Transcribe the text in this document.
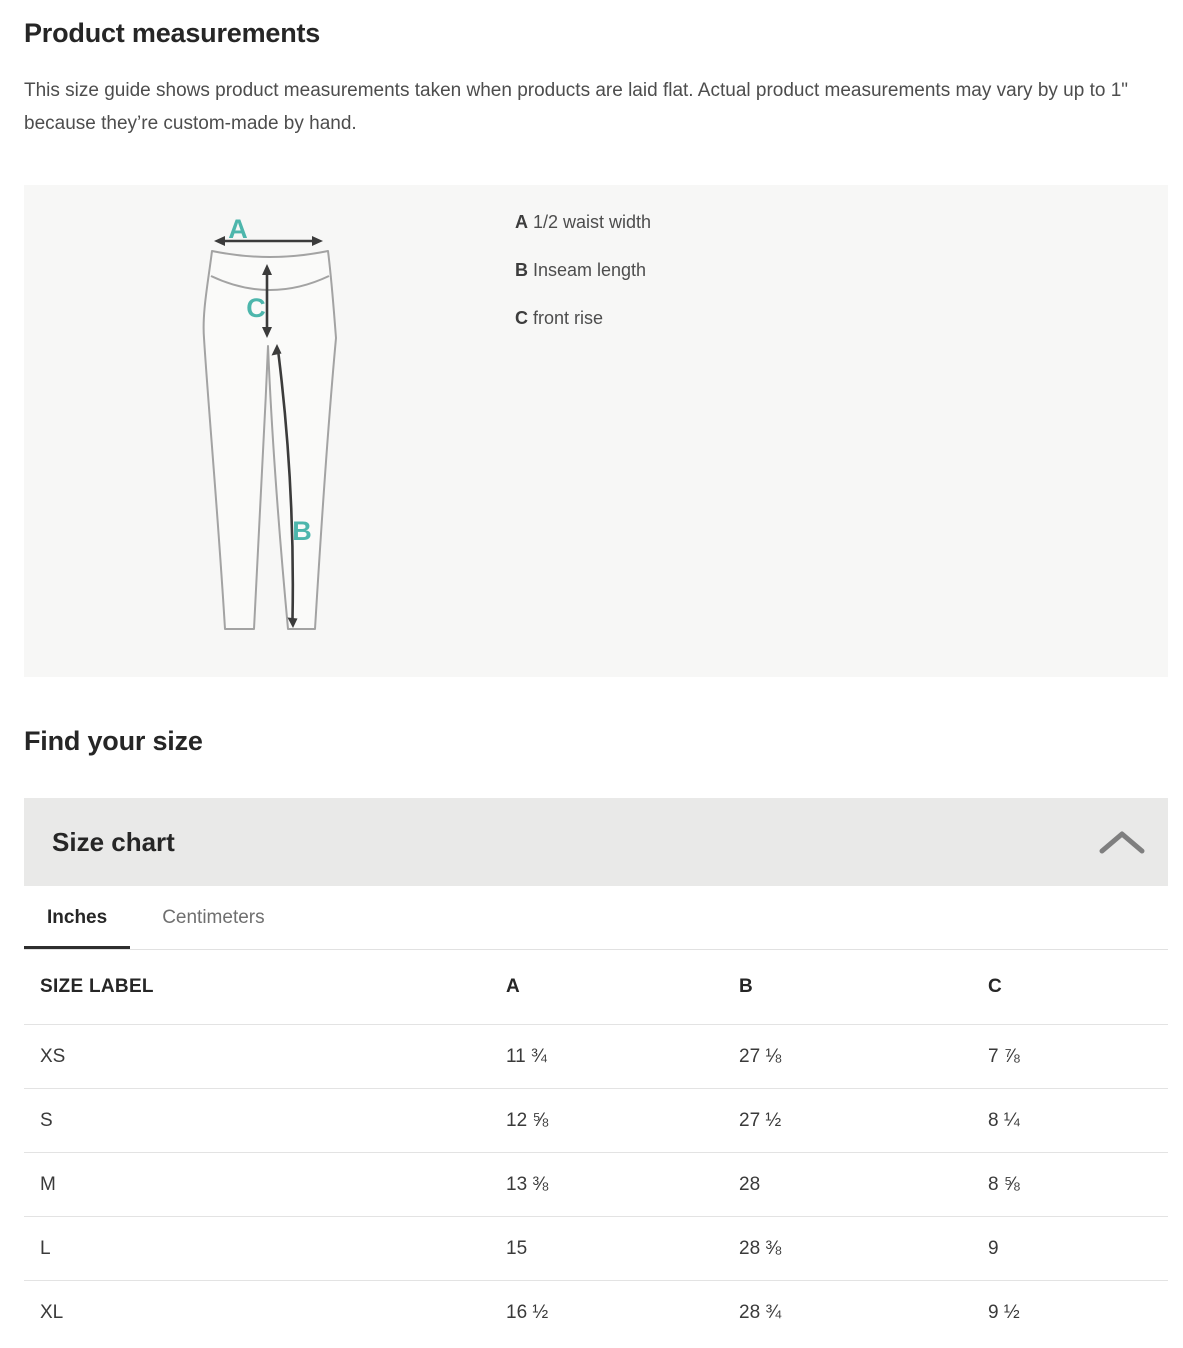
Product measurements

This size guide shows product measurements taken when products are laid flat. Actual product measurements may vary by up to 1" because they’re custom-made by hand.

A
C
B
A 1/2 waist width
B Inseam length
C front rise
Find your size
Size chart
Inches	Centimeters
SIZE LABEL	A	B	C
XS	11 ¾	27 ⅛	7 ⅞
S	12 ⅝	27 ½	8 ¼
M	13 ⅜	28	8 ⅝
L	15	28 ⅜	9
XL	16 ½	28 ¾	9 ½
